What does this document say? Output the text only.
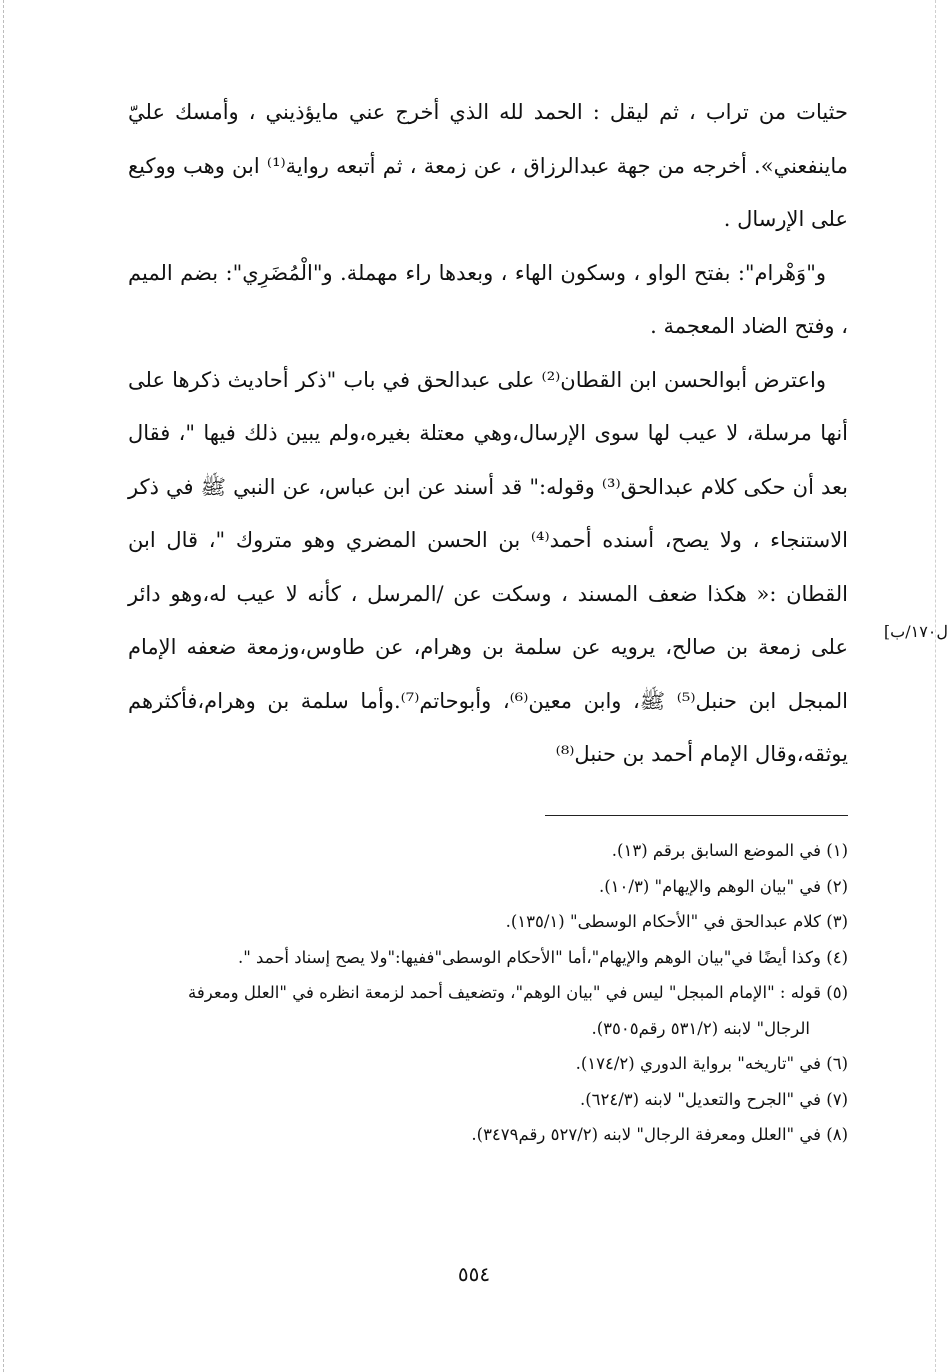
ل١٧٠/ب]

حثيات من تراب ، ثم ليقل : الحمد لله الذي أخرج عني مايؤذيني ، وأمسك عليّ ماينفعني». أخرجه من جهة عبدالرزاق ، عن زمعة ، ثم أتبعه رواية⁽¹⁾ ابن وهب ووكيع على الإرسال .

و"وَهْرام": بفتح الواو ، وسكون الهاء ، وبعدها راء مهملة. و"الْمُضَرِي": بضم الميم ، وفتح الضاد المعجمة .

واعترض أبوالحسن ابن القطان⁽²⁾ على عبدالحق في باب "ذكر أحاديث ذكرها على أنها مرسلة، لا عيب لها سوى الإرسال،وهي معتلة بغيره،ولم يبين ذلك فيها "، فقال بعد أن حكى كلام عبدالحق⁽³⁾ وقوله:" قد أسند عن ابن عباس، عن النبي ﷺ في ذكر الاستنجاء ، ولا يصح، أسنده أحمد⁽⁴⁾ بن الحسن المضري وهو متروك "، قال ابن القطان :« هكذا ضعف المسند ، وسكت عن /المرسل ، كأنه لا عيب له،وهو دائر على زمعة بن صالح، يرويه عن سلمة بن وهرام، عن طاوس،وزمعة ضعفه الإمام المبجل ابن حنبل⁽⁵⁾ ﷺ، وابن معين⁽⁶⁾، وأبوحاتم⁽⁷⁾.وأما سلمة بن وهرام،فأكثرهم يوثقه،وقال الإمام أحمد بن حنبل⁽⁸⁾

(١) في الموضع السابق برقم (١٣).

(٢) في "بيان الوهم والإيهام" (١٠/٣).

(٣) كلام عبدالحق في "الأحكام الوسطى" (١٣٥/١).

(٤) وكذا أيضًا في"بيان الوهم والإيهام"،أما "الأحكام الوسطى"ففيها:"ولا يصح إسناد أحمد ".

(٥) قوله : "الإمام المبجل" ليس في "بيان الوهم"، وتضعيف أحمد لزمعة انظره في "العلل ومعرفة

الرجال" لابنه (٥٣١/٢ رقم٣٥٠٥).

(٦) في "تاريخه" برواية الدوري (١٧٤/٢).

(٧) في "الجرح والتعديل" لابنه (٦٢٤/٣).

(٨) في "العلل ومعرفة الرجال" لابنه (٥٢٧/٢ رقم٣٤٧٩).

٥٥٤
